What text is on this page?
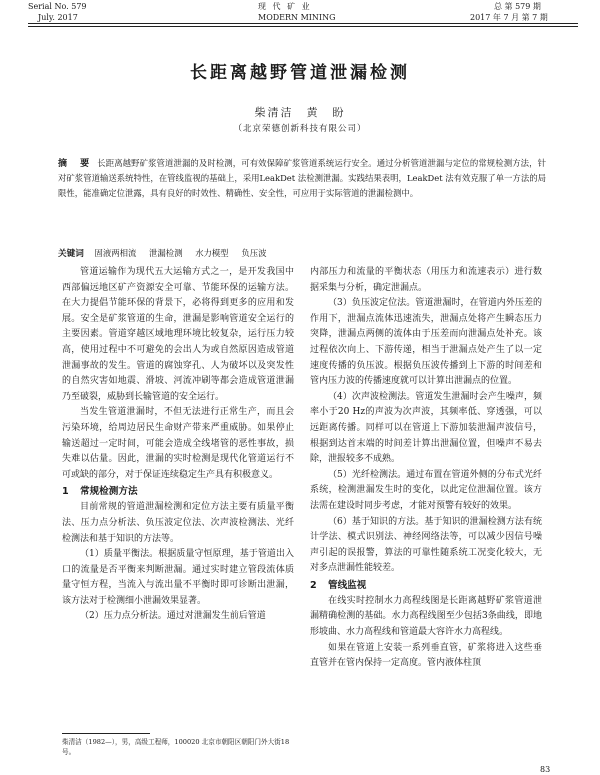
Serial No. 579
July. 2017
现 代 矿 业
MODERN MINING
总 第 579 期
2017 年 7 月 第 7 期
长距离越野管道泄漏检测
柴清洁　黄　盼
（北京荣德创新科技有限公司）
摘　要 长距离越野矿浆管道泄漏的及时检测，可有效保障矿浆管道系统运行安全。通过分析管道泄漏与定位的常规检测方法，针对矿浆管道输送系统特性，在管线监视的基础上，采用LeakDet 法检测泄漏。实践结果表明，LeakDet 法有效克服了单一方法的局限性，能准确定位泄露，具有良好的时效性、精确性、安全性，可应用于实际管道的泄漏检测中。
关键词 固液两相流 泄漏检测 水力模型 负压波

管道运输作为现代五大运输方式之一，是开发我国中西部偏远地区矿产资源安全可靠、节能环保的运输方法。在大力提倡节能环保的背景下，必将得到更多的应用和发展。安全是矿浆管道的生命，泄漏是影响管道安全运行的主要因素。管道穿越区域地理环境比较复杂，运行压力较高，使用过程中不可避免的会出人为或自然原因造成管道泄漏事故的发生。管道的腐蚀穿孔、人为破坏以及突发性的自然灾害如地震、滑坡、河流冲刷等都会造成管道泄漏乃至破裂，威胁到长输管道的安全运行。

当发生管道泄漏时，不但无法进行正常生产，而且会污染环境，给周边居民生命财产带来严重威胁。如果停止输送超过一定时间，可能会造成全线堵管的恶性事故，损失难以估量。因此，泄漏的实时检测是现代化管道运行不可或缺的部分，对于保证连续稳定生产具有积极意义。

1 常规检测方法

目前常规的管道泄漏检测和定位方法主要有质量平衡法、压力点分析法、负压波定位法、次声波检测法、光纤检测法和基于知识的方法等。

（1）质量平衡法。根据质量守恒原理，基于管道出入口的流量是否平衡来判断泄漏。通过实时建立管段流体质量守恒方程，当流入与流出量不平衡时即可诊断出泄漏，该方法对于检测细小泄漏效果显著。

（2）压力点分析法。通过对泄漏发生前后管道

内部压力和流量的平衡状态（用压力和流速表示）进行数据采集与分析，确定泄漏点。

（3）负压波定位法。管道泄漏时，在管道内外压差的作用下，泄漏点流体迅速流失，泄漏点处将产生瞬态压力突降，泄漏点两侧的流体由于压差而向泄漏点处补充。该过程依次向上、下游传递，相当于泄漏点处产生了以一定速度传播的负压波。根据负压波传播到上下游的时间差和管内压力波的传播速度就可以计算出泄漏点的位置。

（4）次声波检测法。管道发生泄漏时会产生噪声，频率小于20 Hz的声波为次声波，其频率低、穿透强，可以远距离传播。同样可以在管道上下游加装泄漏声波信号，根据到达首末端的时间差计算出泄漏位置，但噪声不易去除，泄报较多不成熟。

（5）光纤检测法。通过布置在管道外侧的分布式光纤系统，检测泄漏发生时的变化，以此定位泄漏位置。该方法需在建设时同步考虑，才能对预警有较好的效果。

（6）基于知识的方法。基于知识的泄漏检测方法有统计学法、模式识别法、神经网络法等，可以减少因信号噪声引起的误报警，算法的可靠性随系统工况变化较大，无对多点泄漏性能较差。

2 管线监视

在线实时控制水力高程线图是长距离越野矿浆管道泄漏精确检测的基础。水力高程线图至少包括3条曲线，即地形坡曲、水力高程线和管道最大容许水力高程线。

如果在管道上安装一系列垂直管，矿浆将进入这些垂直管并在管内保持一定高度。管内液体柱顶

柴清洁（1982—），男，高级工程师，100020 北京市朝阳区朝阳门外大街18号。
83
